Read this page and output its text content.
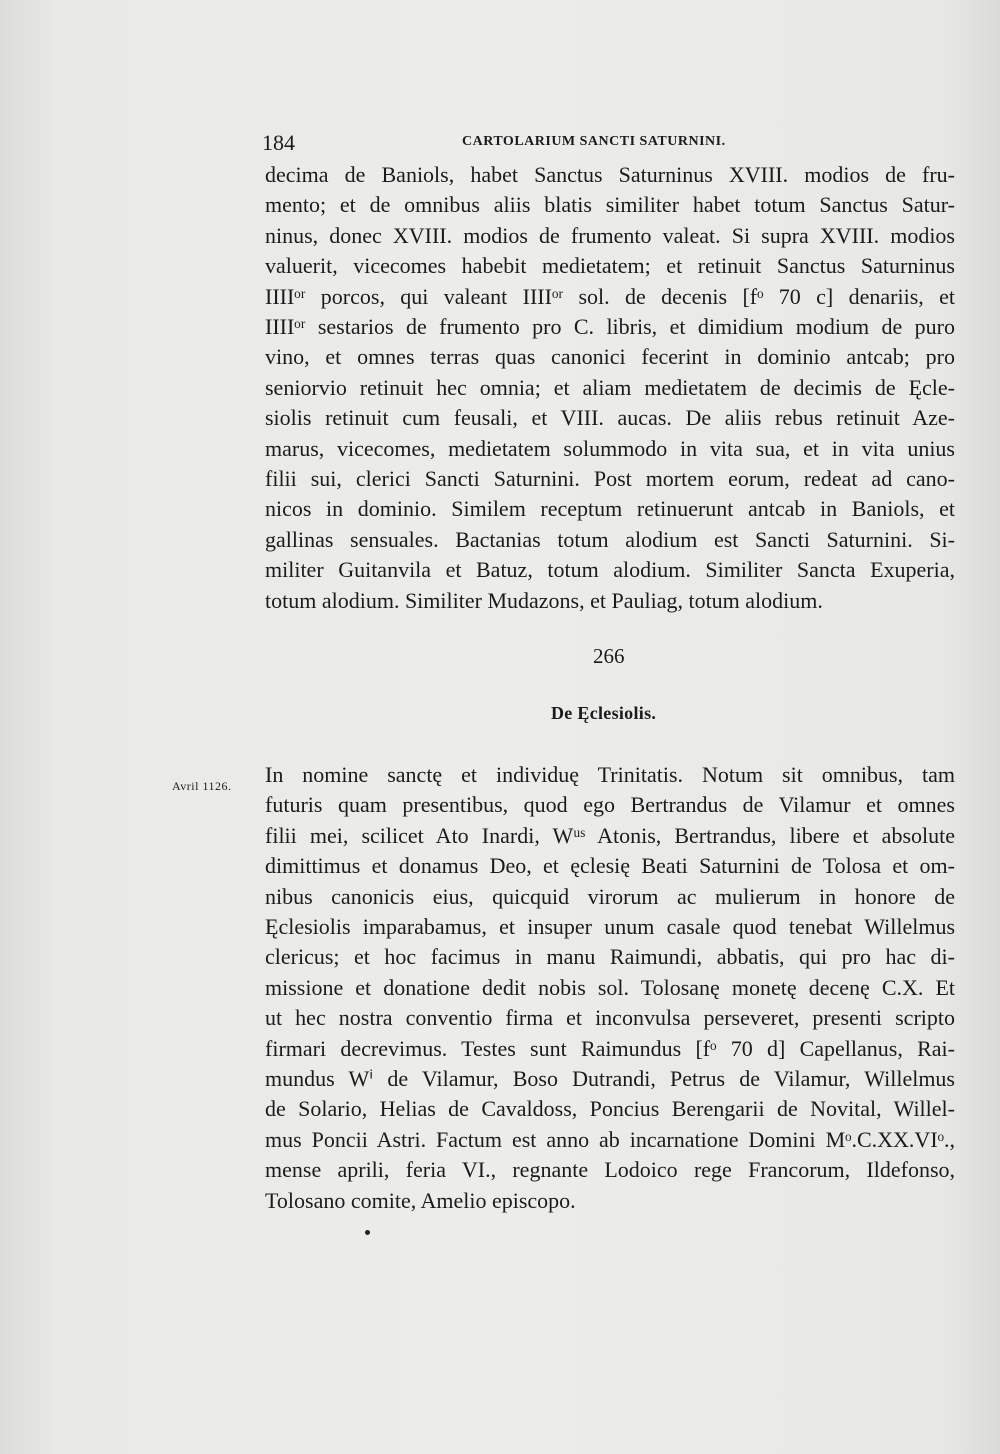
184	CARTOLARIUM SANCTI SATURNINI.
decima de Baniols, habet Sanctus Saturninus XVIII. modios de fru-
mento; et de omnibus aliis blatis similiter habet totum Sanctus Satur-
ninus, donec XVIII. modios de frumento valeat. Si supra XVIII. modios
valuerit, vicecomes habebit medietatem; et retinuit Sanctus Saturninus
IIIIᵒʳ porcos, qui valeant IIIIᵒʳ sol. de decenis [fᵒ 70 c] denariis, et
IIIIᵒʳ sestarios de frumento pro C. libris, et dimidium modium de puro
vino, et omnes terras quas canonici fecerint in dominio antcab; pro
seniorvio retinuit hec omnia; et aliam medietatem de decimis de Ęcle-
siolis retinuit cum feusali, et VIII. aucas. De aliis rebus retinuit Aze-
marus, vicecomes, medietatem solummodo in vita sua, et in vita unius
filii sui, clerici Sancti Saturnini. Post mortem eorum, redeat ad cano-
nicos in dominio. Similem receptum retinuerunt antcab in Baniols, et
gallinas sensuales. Bactanias totum alodium est Sancti Saturnini. Si-
militer Guitanvila et Batuz, totum alodium. Similiter Sancta Exuperia,
totum alodium. Similiter Mudazons, et Pauliag, totum alodium.
266
De Ęclesiolis.
Avril 1126. In nomine sanctę et individuę Trinitatis. Notum sit omnibus, tam
futuris quam presentibus, quod ego Bertrandus de Vilamur et omnes
filii mei, scilicet Ato Inardi, Wᵘˢ Atonis, Bertrandus, libere et absolute
dimittimus et donamus Deo, et ęclesię Beati Saturnini de Tolosa et om-
nibus canonicis eius, quicquid virorum ac mulierum in honore de
Ęclesiolis imparabamus, et insuper unum casale quod tenebat Willelmus
clericus; et hoc facimus in manu Raimundi, abbatis, qui pro hac di-
missione et donatione dedit nobis sol. Tolosanę monetę decenę C.X. Et
ut hec nostra conventio firma et inconvulsa perseveret, presenti scripto
firmari decrevimus. Testes sunt Raimundus [fᵒ 70 d] Capellanus, Rai-
mundus Wⁱ de Vilamur, Boso Dutrandi, Petrus de Vilamur, Willelmus
de Solario, Helias de Cavaldoss, Poncius Berengarii de Novital, Willel-
mus Poncii Astri. Factum est anno ab incarnatione Domini Mᵒ.C.XX.VIᵒ.,
mense aprili, feria VI., regnante Lodoico rege Francorum, Ildefonso,
Tolosano comite, Amelio episcopo.
